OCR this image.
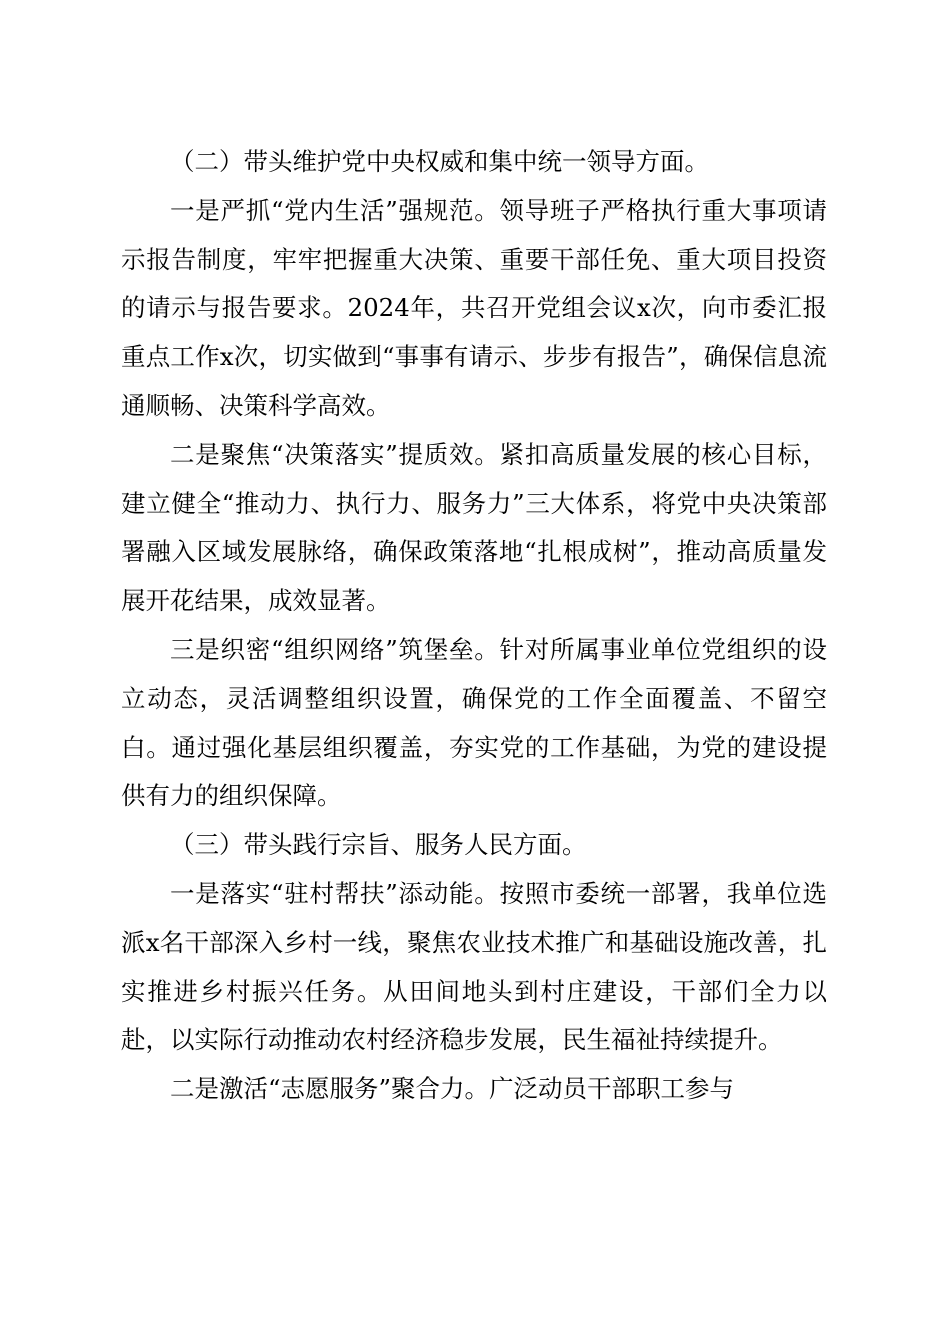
（二）带头维护党中央权威和集中统一领导方面。

一是严抓“党内生活”强规范。领导班子严格执行重大事项请示报告制度，牢牢把握重大决策、重要干部任免、重大项目投资的请示与报告要求。2024年，共召开党组会议x次，向市委汇报重点工作x次，切实做到“事事有请示、步步有报告”，确保信息流通顺畅、决策科学高效。

二是聚焦“决策落实”提质效。紧扣高质量发展的核心目标，建立健全“推动力、执行力、服务力”三大体系，将党中央决策部署融入区域发展脉络，确保政策落地“扎根成树”，推动高质量发展开花结果，成效显著。

三是织密“组织网络”筑堡垒。针对所属事业单位党组织的设立动态，灵活调整组织设置，确保党的工作全面覆盖、不留空白。通过强化基层组织覆盖，夯实党的工作基础，为党的建设提供有力的组织保障。

（三）带头践行宗旨、服务人民方面。

一是落实“驻村帮扶”添动能。按照市委统一部署，我单位选派x名干部深入乡村一线，聚焦农业技术推广和基础设施改善，扎实推进乡村振兴任务。从田间地头到村庄建设，干部们全力以赴，以实际行动推动农村经济稳步发展，民生福祉持续提升。

二是激活“志愿服务”聚合力。广泛动员干部职工参与
